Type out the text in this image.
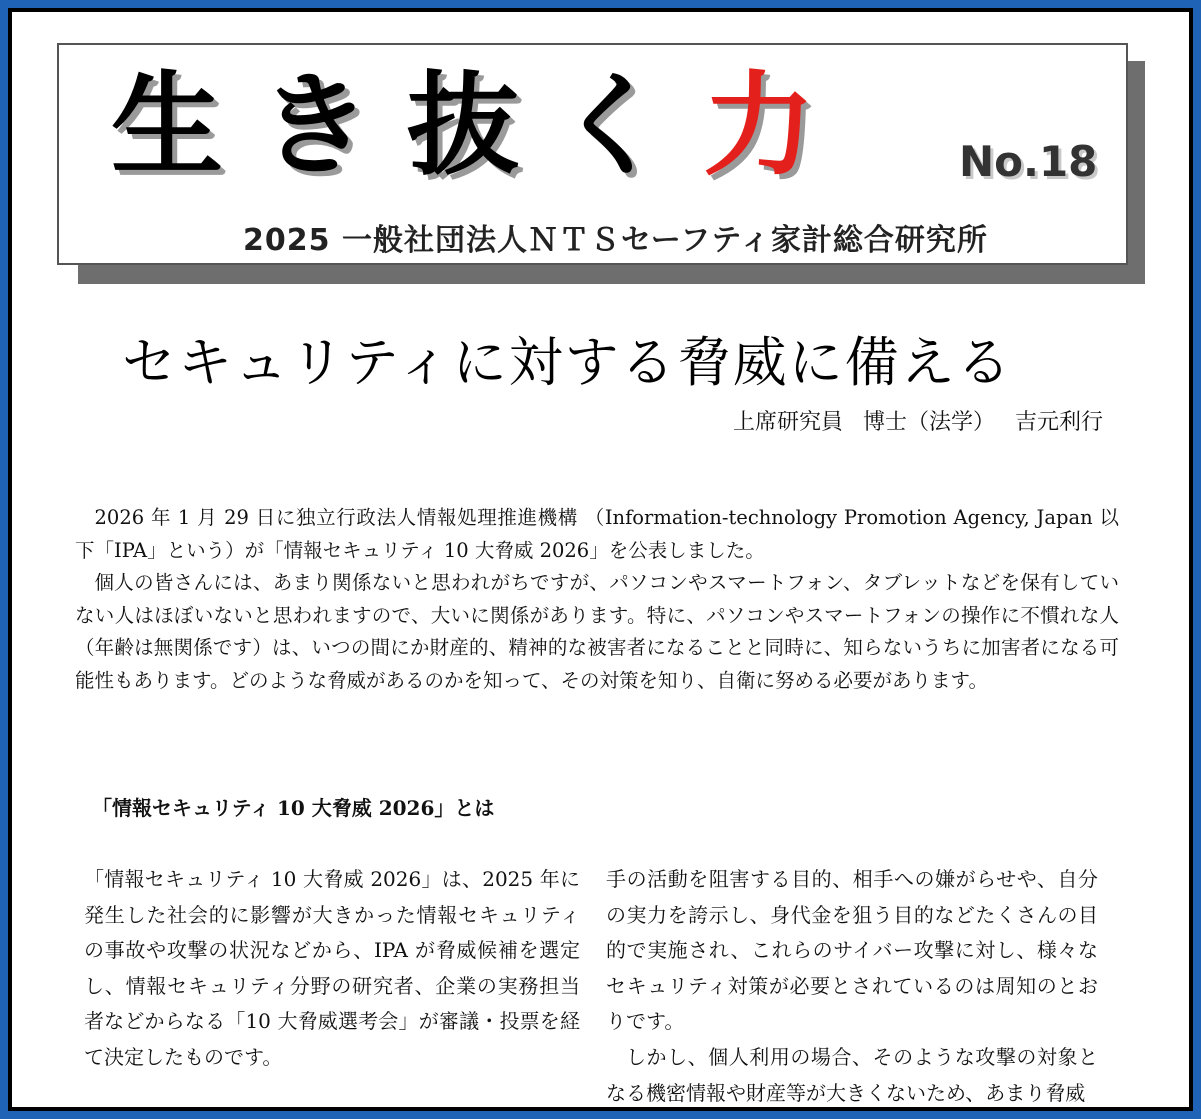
生き抜く力	No.18
2025 一般社団法人ＮＴＳセーフティ家計総合研究所
セキュリティに対する脅威に備える
上席研究員 博士（法学） 吉元利行

2026 年 1 月 29 日に独立行政法人情報処理推進機構 （Information-technology Promotion Agency, Japan 以下「IPA」という）が「情報セキュリティ 10 大脅威 2026」を公表しました。

個人の皆さんには、あまり関係ないと思われがちですが、パソコンやスマートフォン、タブレットなどを保有していない人はほぼいないと思われますので、大いに関係があります。特に、パソコンやスマートフォンの操作に不慣れな人（年齢は無関係です）は、いつの間にか財産的、精神的な被害者になることと同時に、知らないうちに加害者になる可能性もあります。どのような脅威があるのかを知って、その対策を知り、自衛に努める必要があります。

「情報セキュリティ 10 大脅威 2026」とは

「情報セキュリティ 10 大脅威 2026」は、2025 年に発生した社会的に影響が大きかった情報セキュリティの事故や攻撃の状況などから、IPA が脅威候補を選定し、情報セキュリティ分野の研究者、企業の実務担当者などからなる「10 大脅威選考会」が審議・投票を経て決定したものです。

手の活動を阻害する目的、相手への嫌がらせや、自分の実力を誇示し、身代金を狙う目的などたくさんの目的で実施され、これらのサイバー攻撃に対し、様々なセキュリティ対策が必要とされているのは周知のとおりです。

しかし、個人利用の場合、そのような攻撃の対象となる機密情報や財産等が大きくないため、あまり脅威
